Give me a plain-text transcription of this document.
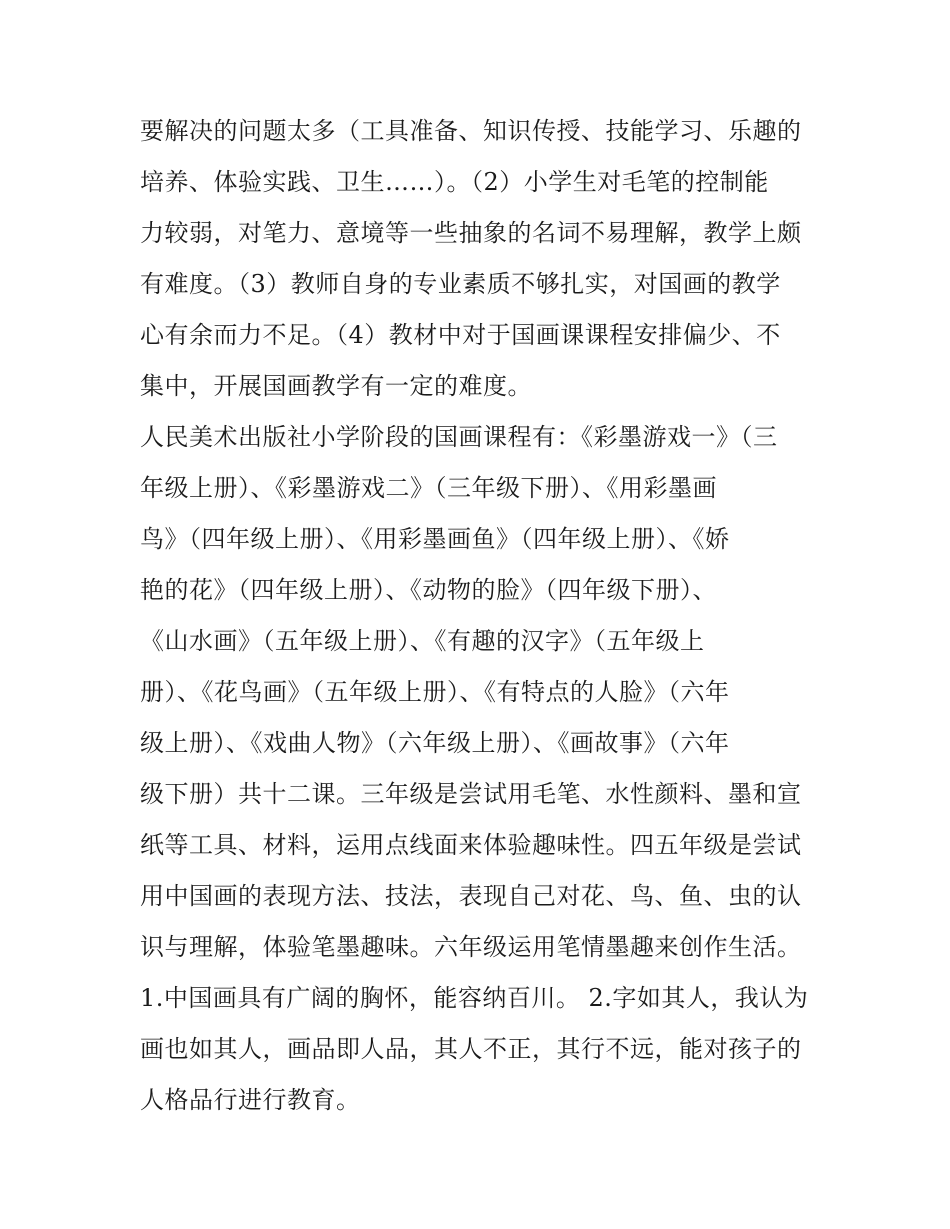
要解决的问题太多（工具准备、知识传授、技能学习、乐趣的
培养、体验实践、卫生……）。（2）小学生对毛笔的控制能
力较弱，对笔力、意境等一些抽象的名词不易理解，教学上颇
有难度。（3）教师自身的专业素质不够扎实，对国画的教学
心有余而力不足。（4）教材中对于国画课课程安排偏少、不
集中，开展国画教学有一定的难度。
人民美术出版社小学阶段的国画课程有：《彩墨游戏一》（三
年级上册）、《彩墨游戏二》（三年级下册）、《用彩墨画
鸟》（四年级上册）、《用彩墨画鱼》（四年级上册）、《娇
艳的花》（四年级上册）、《动物的脸》（四年级下册）、
《山水画》（五年级上册）、《有趣的汉字》（五年级上
册）、《花鸟画》（五年级上册）、《有特点的人脸》（六年
级上册）、《戏曲人物》（六年级上册）、《画故事》（六年
级下册）共十二课。三年级是尝试用毛笔、水性颜料、墨和宣
纸等工具、材料，运用点线面来体验趣味性。四五年级是尝试
用中国画的表现方法、技法，表现自己对花、鸟、鱼、虫的认
识与理解，体验笔墨趣味。六年级运用笔情墨趣来创作生活。
1.中国画具有广阔的胸怀，能容纳百川。 2.字如其人，我认为
画也如其人，画品即人品，其人不正，其行不远，能对孩子的
人格品行进行教育。
